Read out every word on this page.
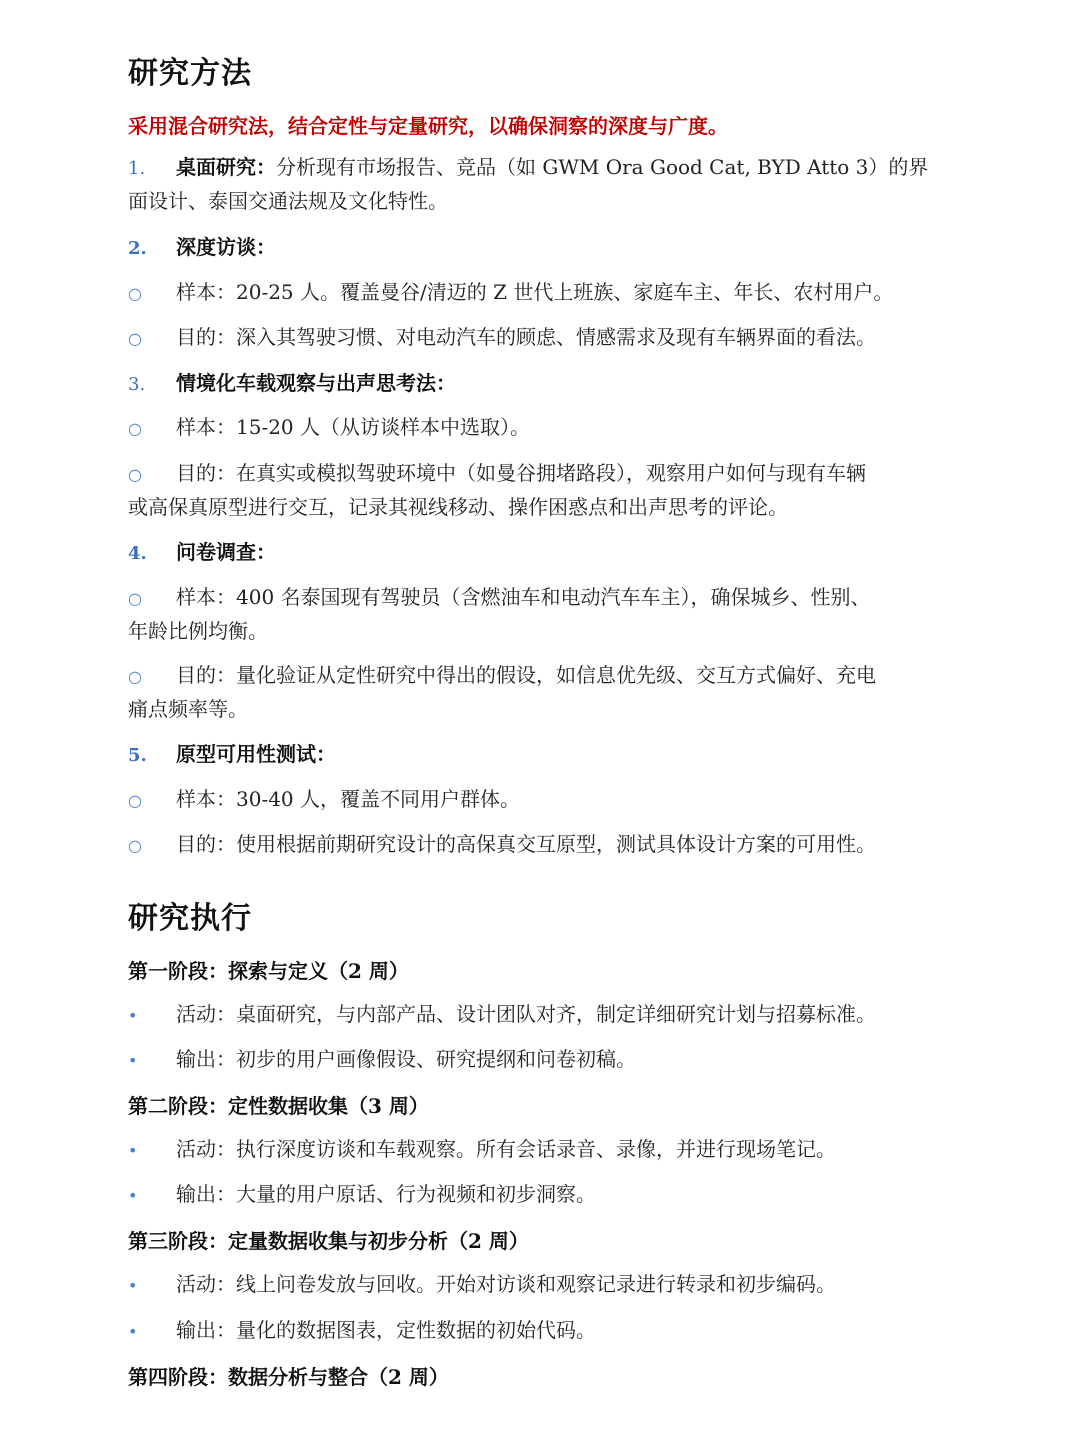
研究方法
采用混合研究法，结合定性与定量研究，以确保洞察的深度与广度。
1. 桌面研究：分析现有市场报告、竞品（如 GWM Ora Good Cat, BYD Atto 3）的界
面设计、泰国交通法规及文化特性。
2. 深度访谈：
○ 样本：20-25 人。覆盖曼谷/清迈的 Z 世代上班族、家庭车主、年长、农村用户。
○ 目的：深入其驾驶习惯、对电动汽车的顾虑、情感需求及现有车辆界面的看法。
3. 情境化车载观察与出声思考法：
○ 样本：15-20 人（从访谈样本中选取）。
○ 目的：在真实或模拟驾驶环境中（如曼谷拥堵路段），观察用户如何与现有车辆
或高保真原型进行交互，记录其视线移动、操作困惑点和出声思考的评论。
4. 问卷调查：
○ 样本：400 名泰国现有驾驶员（含燃油车和电动汽车车主），确保城乡、性别、
年龄比例均衡。
○ 目的：量化验证从定性研究中得出的假设，如信息优先级、交互方式偏好、充电
痛点频率等。
5. 原型可用性测试：
○ 样本：30-40 人，覆盖不同用户群体。
○ 目的：使用根据前期研究设计的高保真交互原型，测试具体设计方案的可用性。
研究执行
第一阶段：探索与定义（2 周）
• 活动：桌面研究，与内部产品、设计团队对齐，制定详细研究计划与招募标准。
• 输出：初步的用户画像假设、研究提纲和问卷初稿。
第二阶段：定性数据收集（3 周）
• 活动：执行深度访谈和车载观察。所有会话录音、录像，并进行现场笔记。
• 输出：大量的用户原话、行为视频和初步洞察。
第三阶段：定量数据收集与初步分析（2 周）
• 活动：线上问卷发放与回收。开始对访谈和观察记录进行转录和初步编码。
• 输出：量化的数据图表，定性数据的初始代码。
第四阶段：数据分析与整合（2 周）
